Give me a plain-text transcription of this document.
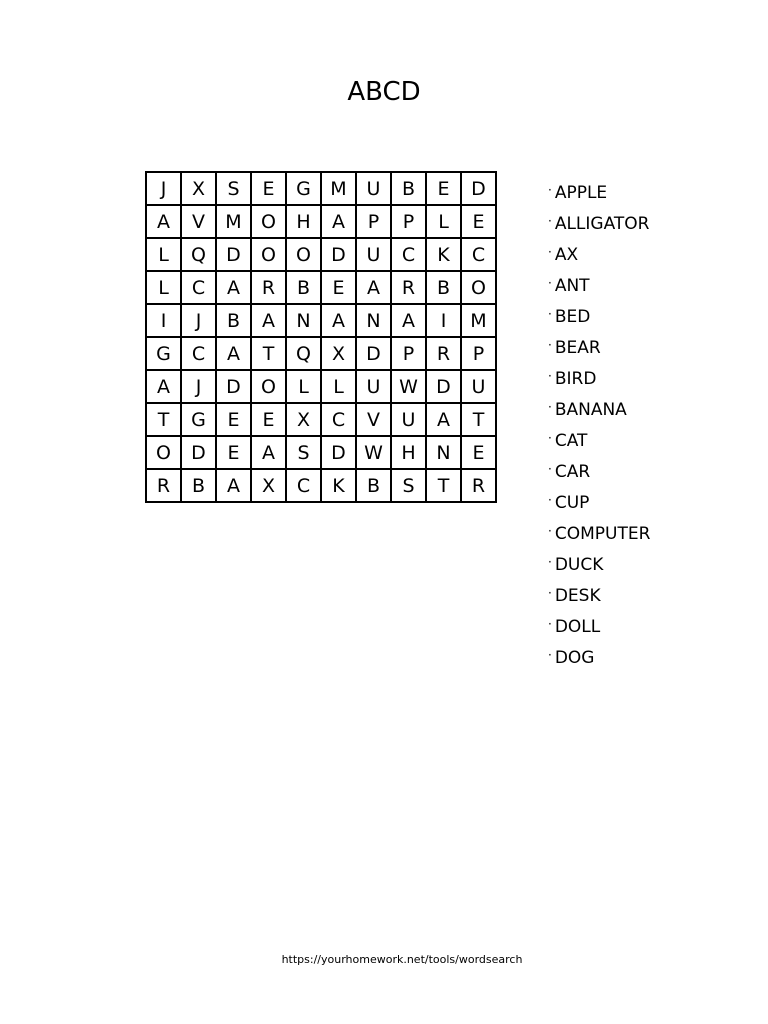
ABCD
J	X	S	E	G	M	U	B	E	D
A	V	M	O	H	A	P	P	L	E
L	Q	D	O	O	D	U	C	K	C
L	C	A	R	B	E	A	R	B	O
I	J	B	A	N	A	N	A	I	M
G	C	A	T	Q	X	D	P	R	P
A	J	D	O	L	L	U	W	D	U
T	G	E	E	X	C	V	U	A	T
O	D	E	A	S	D	W	H	N	E
R	B	A	X	C	K	B	S	T	R
· APPLE
· ALLIGATOR
· AX
· ANT
· BED
· BEAR
· BIRD
· BANANA
· CAT
· CAR
· CUP
· COMPUTER
· DUCK
· DESK
· DOLL
· DOG
https://yourhomework.net/tools/wordsearch
